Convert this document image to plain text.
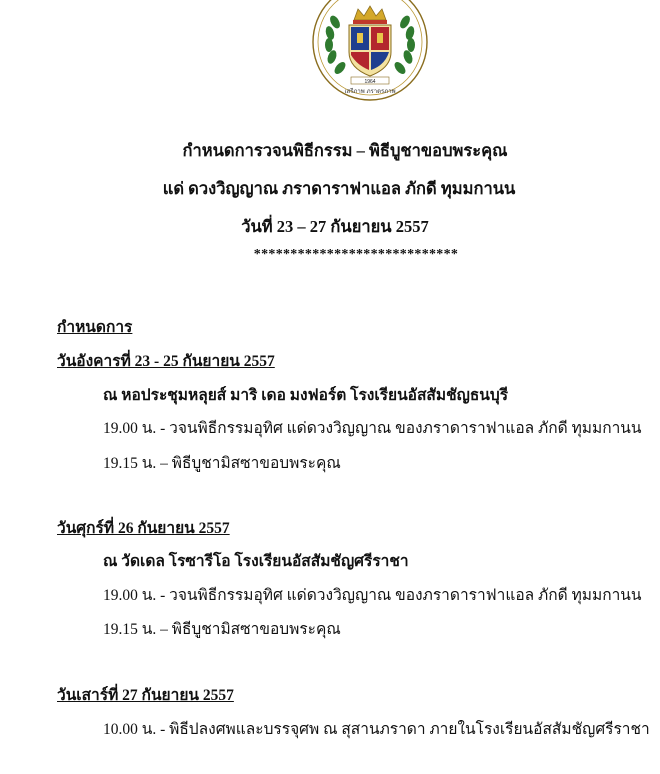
1964
เสรีภาพ ภราดรภาพ
กำหนดการวจนพิธีกรรม – พิธีบูชาขอบพระคุณ
แด่ ดวงวิญญาณ ภราดาราฟาแอล ภักดี ทุมมกานน
วันที่ 23 – 27 กันยายน 2557
****************************
กำหนดการ
วันอังคารที่ 23 - 25 กันยายน 2557
ณ หอประชุมหลุยส์ มาริ เดอ มงฟอร์ต โรงเรียนอัสสัมชัญธนบุรี
19.00 น. - วจนพิธีกรรมอุทิศ แด่ดวงวิญญาณ ของภราดาราฟาแอล ภักดี ทุมมกานน
19.15 น. – พิธีบูชามิสซาขอบพระคุณ
วันศุกร์ที่ 26 กันยายน 2557
ณ วัดเดล โรซารีโอ โรงเรียนอัสสัมชัญศรีราชา
19.00 น. - วจนพิธีกรรมอุทิศ แด่ดวงวิญญาณ ของภราดาราฟาแอล ภักดี ทุมมกานน
19.15 น. – พิธีบูชามิสซาขอบพระคุณ
วันเสาร์ที่ 27 กันยายน 2557
10.00 น. - พิธีปลงศพและบรรจุศพ ณ สุสานภราดา ภายในโรงเรียนอัสสัมชัญศรีราชา
